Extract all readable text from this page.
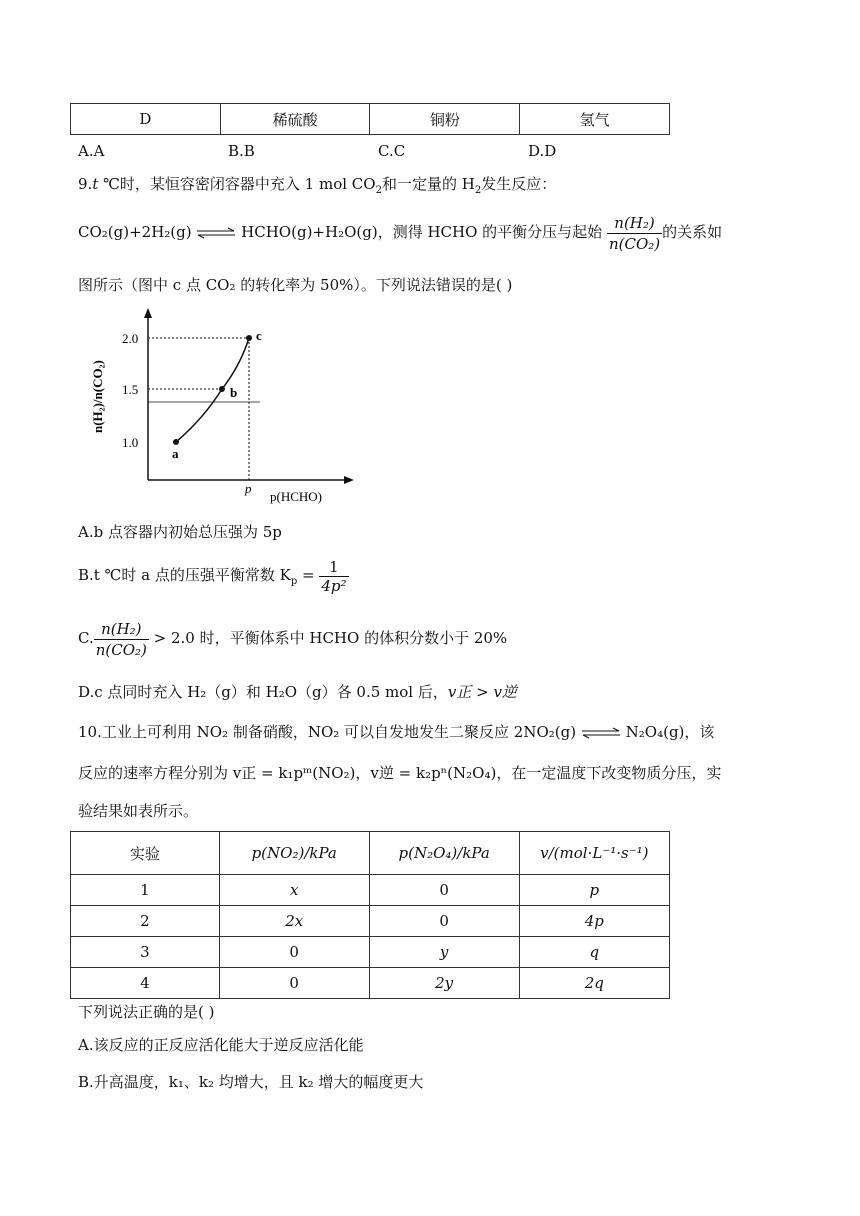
D	稀硫酸	铜粉	氢气
A.A	B.B	C.C	D.D
9.t ℃时，某恒容密闭容器中充入 1 mol $CO_2$和一定量的 $H_2$发生反应：
CO₂(g)+2H₂(g) ⇌ HCHO(g)+H₂O(g)，测得 HCHO 的平衡分压与起始 $\frac{\text{n(H₂)}}{\text{n(CO₂)}}$ 的关系如
图所示（图中 c 点 CO₂ 的转化率为 50%）。下列说法错误的是( )
2.0
1.5
1.0
a
b
c
p
p(HCHO)
n(H₂)/n(CO₂)
A.b 点容器内初始总压强为 5p
B.t ℃时 a 点的压强平衡常数 $K_p = \frac{1}{\text{4p²}}$
C. $\frac{\text{n(H₂)}}{\text{n(CO₂)}} > 2.0$ 时，平衡体系中 HCHO 的体积分数小于 20%
D.c 点同时充入 H₂（g）和 H₂O（g）各 0.5 mol 后，v正 > v逆
10.工业上可利用 NO₂ 制备硝酸，NO₂ 可以自发地发生二聚反应 2NO₂(g) ⇌ N₂O₄(g)，该
反应的速率方程分别为 v正 = k₁pᵐ(NO₂)，v逆 = k₂pⁿ(N₂O₄)，在一定温度下改变物质分压，实
验结果如表所示。
实验	p(NO₂)/kPa	p(N₂O₄)/kPa	v/(mol·L⁻¹·s⁻¹)
1	x	0	p
2	2x	0	4p
3	0	y	q
4	0	2y	2q
下列说法正确的是( )
A.该反应的正反应活化能大于逆反应活化能
B.升高温度，k₁、k₂ 均增大，且 k₂ 增大的幅度更大
